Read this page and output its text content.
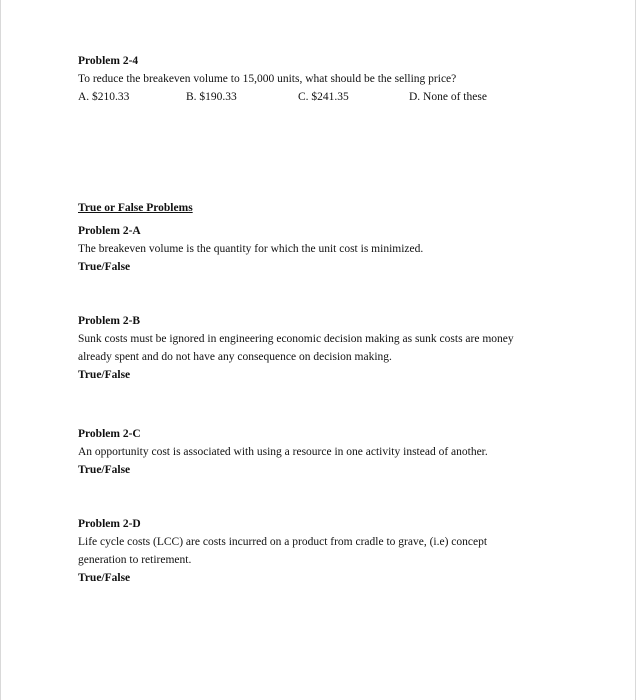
Problem 2-4
To reduce the breakeven volume to 15,000 units, what should be the selling price?
A. $210.33	B. $190.33	C. $241.35	D. None of these
True or False Problems
Problem 2-A
The breakeven volume is the quantity for which the unit cost is minimized.
True/False
Problem 2-B
Sunk costs must be ignored in engineering economic decision making as sunk costs are money
already spent and do not have any consequence on decision making.
True/False
Problem 2-C
An opportunity cost is associated with using a resource in one activity instead of another.
True/False
Problem 2-D
Life cycle costs (LCC) are costs incurred on a product from cradle to grave, (i.e) concept
generation to retirement.
True/False
